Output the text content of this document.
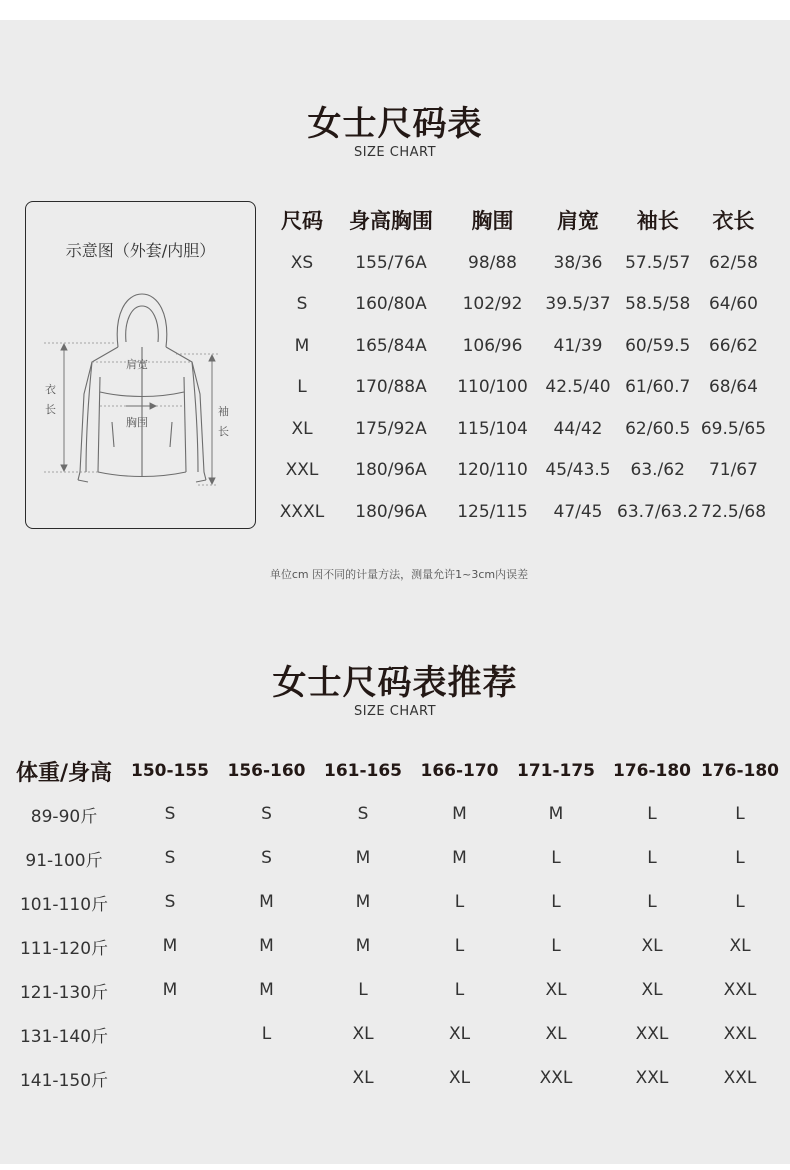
女士尺码表
SIZE CHART
示意图（外套/内胆）
肩宽
胸围
衣
长	袖
长
尺码	身高胸围	胸围	肩宽	袖长	衣长
XS	155/76A	98/88	38/36	57.5/57	62/58
S	160/80A	102/92	39.5/37	58.5/58	64/60
M	165/84A	106/96	41/39	60/59.5	66/62
L	170/88A	110/100	42.5/40	61/60.7	68/64
XL	175/92A	115/104	44/42	62/60.5	69.5/65
XXL	180/96A	120/110	45/43.5	63./62	71/67
XXXL	180/96A	125/115	47/45	63.7/63.2	72.5/68
单位cm 因不同的计量方法，测量允许1~3cm内误差
女士尺码表推荐
SIZE CHART
体重/身高	150-155	156-160	161-165	166-170	171-175	176-180	176-180
89-90斤	S	S	S	M	M	L	L
91-100斤	S	S	M	M	L	L	L
101-110斤	S	M	M	L	L	L	L
111-120斤	M	M	M	L	L	XL	XL
121-130斤	M	M	L	L	XL	XL	XXL
131-140斤		L	XL	XL	XL	XXL	XXL
141-150斤			XL	XL	XXL	XXL	XXL
